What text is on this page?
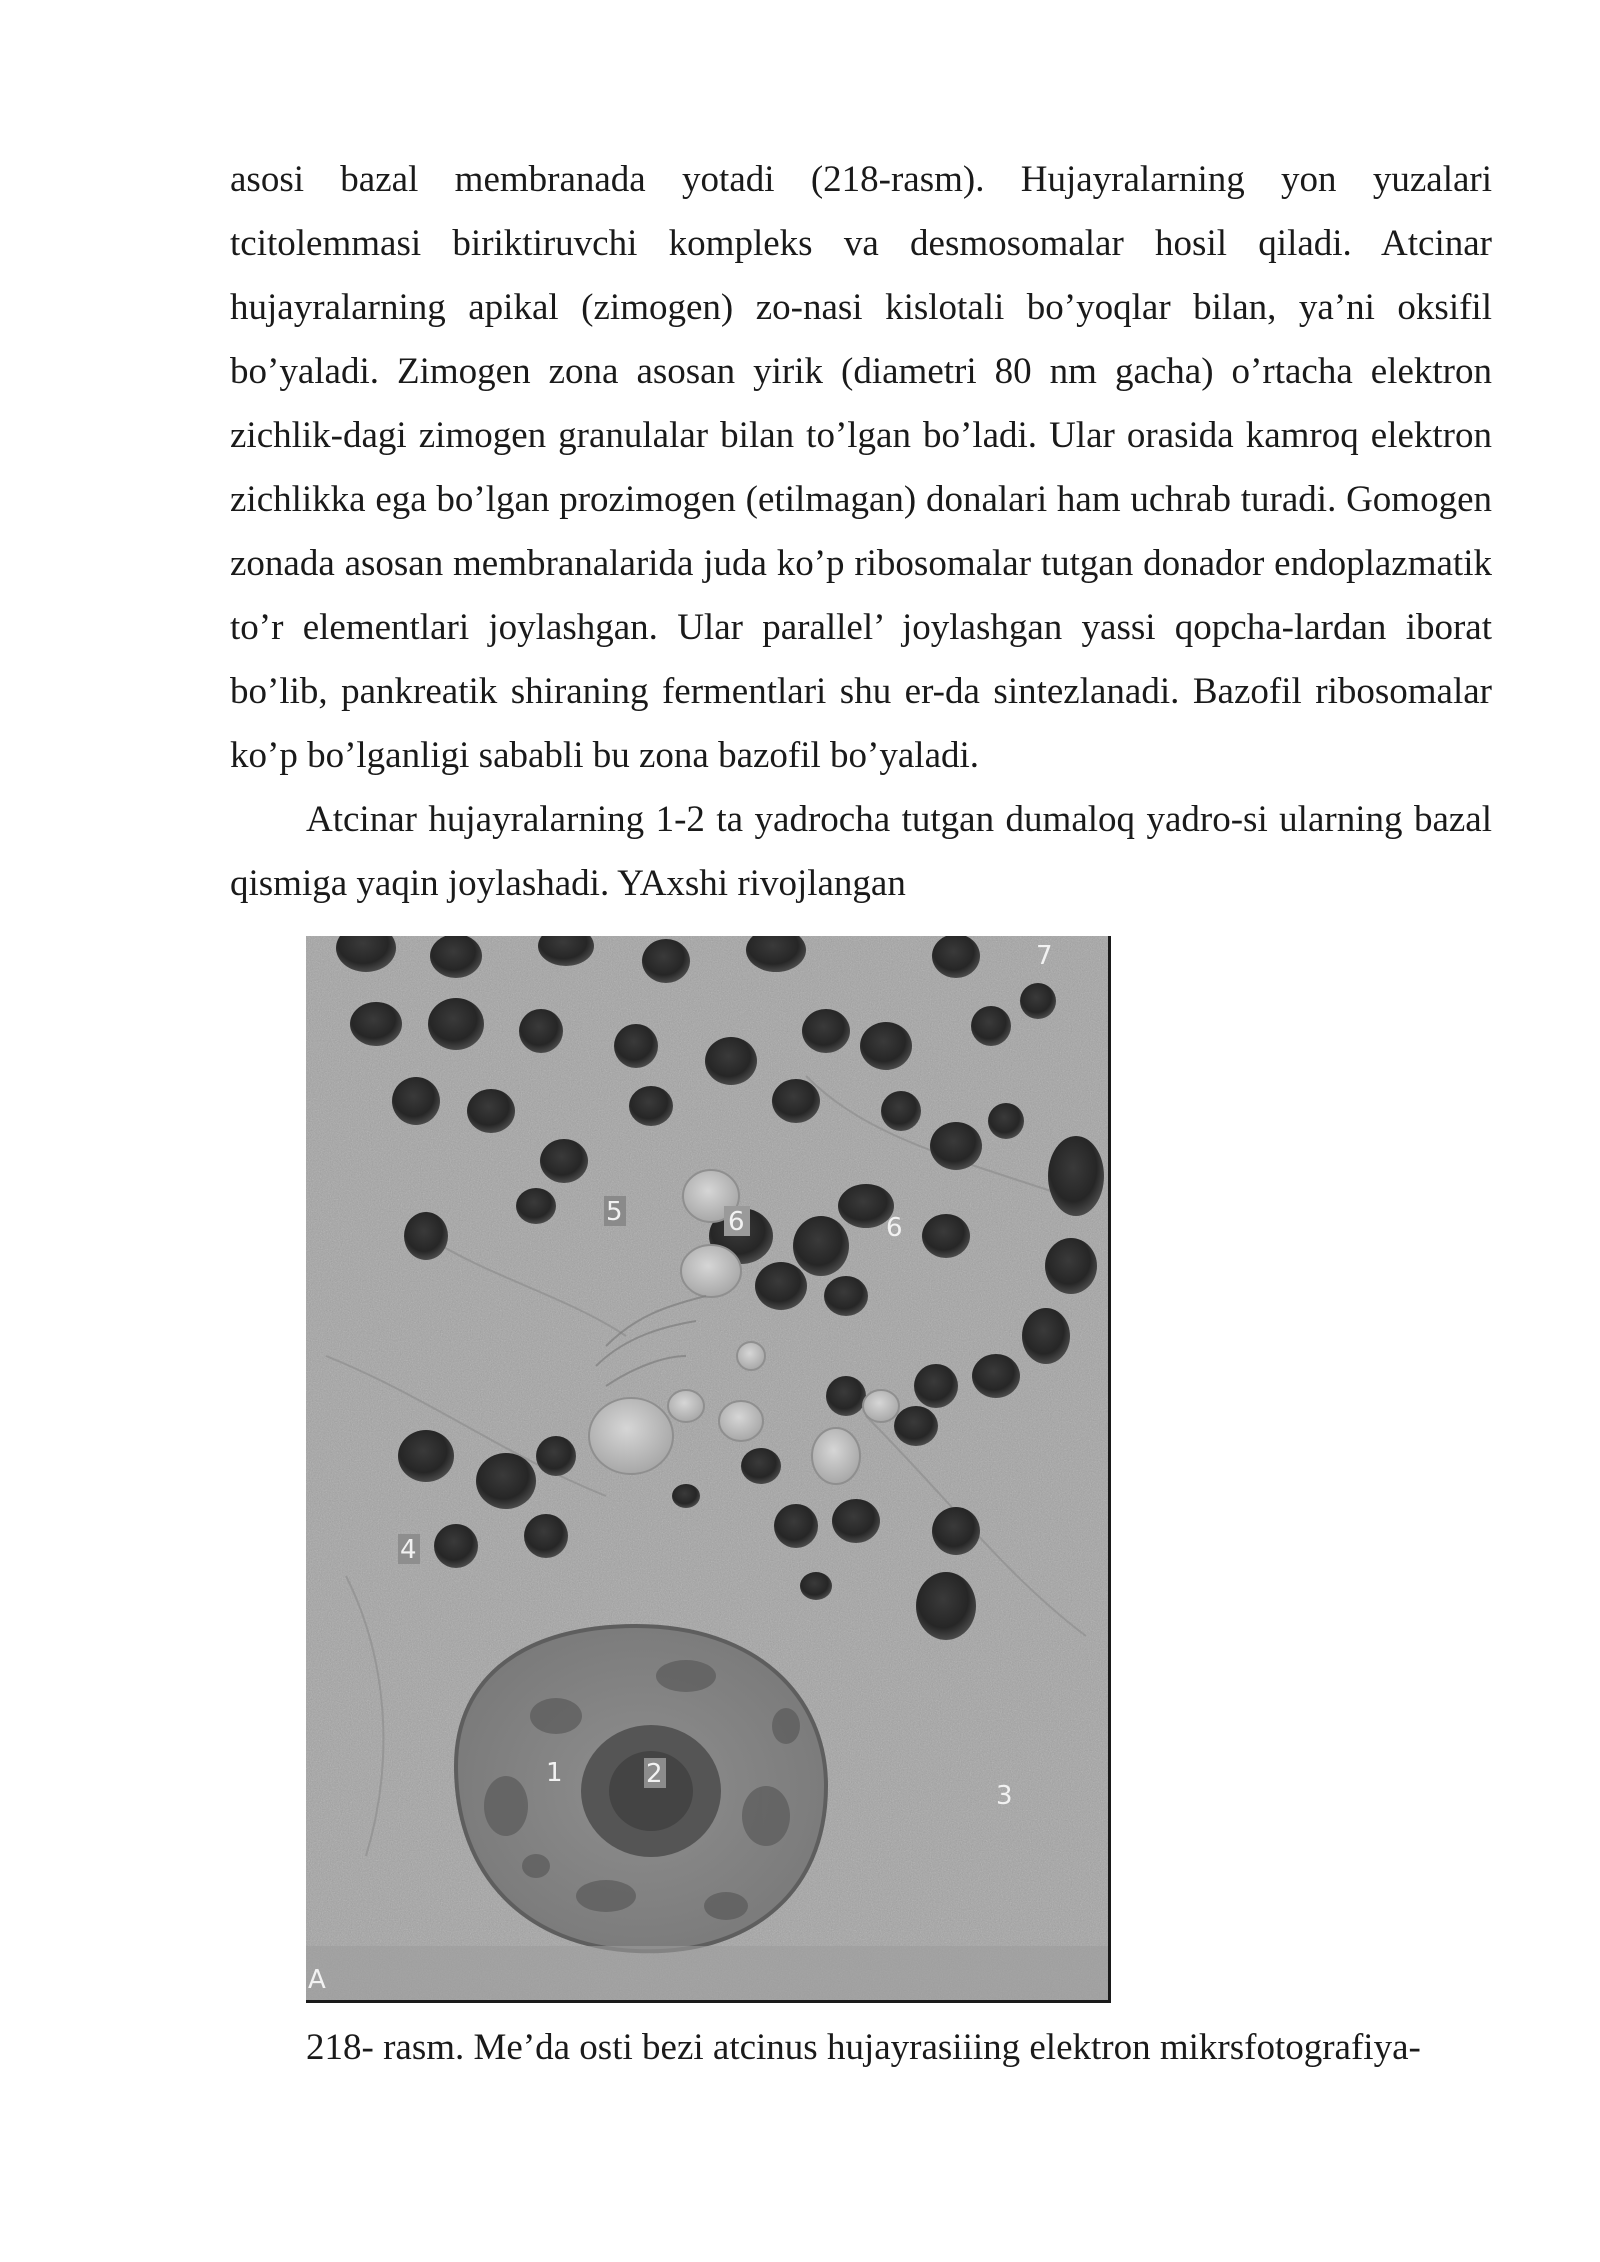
asosi bazal membranada yotadi (218-rasm). Hujayralarning yon yuzalari tcitolemmasi biriktiruvchi kompleks va desmosomalar hosil qiladi. Atcinar hujayralarning apikal (zimogen) zo-nasi kislotali bo’yoqlar bilan, ya’ni oksifil bo’yaladi. Zimogen zona asosan yirik (diametri 80 nm gacha) o’rtacha elektron zichlik-dagi zimogen granulalar bilan to’lgan bo’ladi. Ular orasida kamroq elektron zichlikka ega bo’lgan prozimogen (etilmagan) donalari ham uchrab turadi. Gomogen zonada asosan membranalarida juda ko’p ribosomalar tutgan donador endoplazmatik to’r elementlari joylashgan. Ular parallel’ joylashgan yassi qopcha-lardan iborat bo’lib, pankreatik shiraning fermentlari shu er-da sintezlanadi. Bazofil ribosomalar ko’p bo’lganligi sababli bu zona bazofil bo’yaladi.

Atcinar hujayralarning 1-2 ta yadrocha tutgan dumaloq yadro-si ularning bazal qismiga yaqin joylashadi. YAxshi rivojlangan

5	6	6
7
4
1	2
3
A

218- rasm. Me’da osti bezi atcinus hujayrasiiing elektron mikrsfotografiya-
